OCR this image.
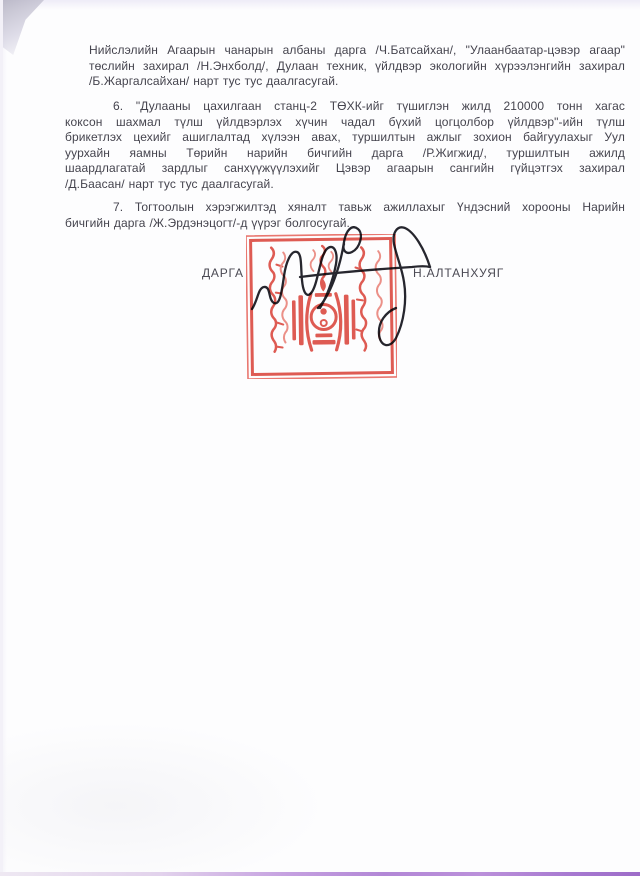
Нийслэлийн Агаарын чанарын албаны дарга /Ч.Батсайхан/, "Улаанбаатар-цэвэр агаар"
төслийн захирал /Н.Энхболд/, Дулаан техник, үйлдвэр экологийн хүрээлэнгийн захирал
/Б.Жаргалсайхан/ нарт тус тус даалгасугай.
6. "Дулааны цахилгаан станц-2 ТӨХК-ийг түшиглэн жилд 210000 тонн хагас
коксон шахмал түлш үйлдвэрлэх хүчин чадал бүхий цогцолбор үйлдвэр"-ийн түлш
брикетлэх цехийг ашиглалтад хүлээн авах, туршилтын ажлыг зохион байгуулахыг Уул
уурхайн яамны Төрийн нарийн бичгийн дарга /Р.Жигжид/, туршилтын ажилд
шаардлагатай зардлыг санхүүжүүлэхийг Цэвэр агаарын сангийн гүйцэтгэх захирал
/Д.Баасан/ нарт тус тус даалгасугай.
7. Тогтоолын хэрэгжилтэд хяналт тавьж ажиллахыг Үндэсний хорооны Нарийн
бичгийн дарга /Ж.Эрдэнэцогт/-д үүрэг болгосугай.
ДАРГА	Н.АЛТАНХУЯГ
